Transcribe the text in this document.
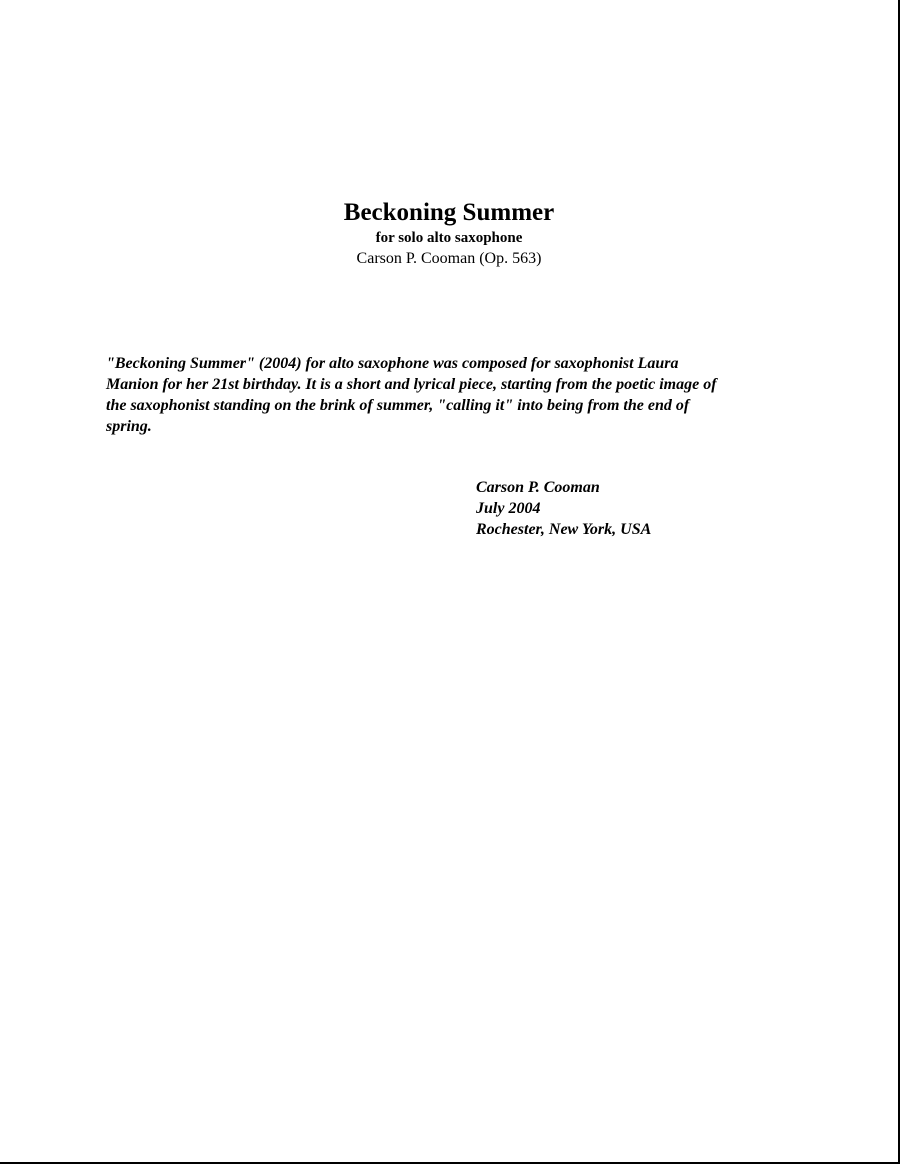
Beckoning Summer

for solo alto saxophone

Carson P. Cooman (Op. 563)

"Beckoning Summer" (2004) for alto saxophone was composed for saxophonist Laura
Manion for her 21st birthday. It is a short and lyrical piece, starting from the poetic image of
the saxophonist standing on the brink of summer, "calling it" into being from the end of
spring.

Carson P. Cooman
July 2004
Rochester, New York, USA
